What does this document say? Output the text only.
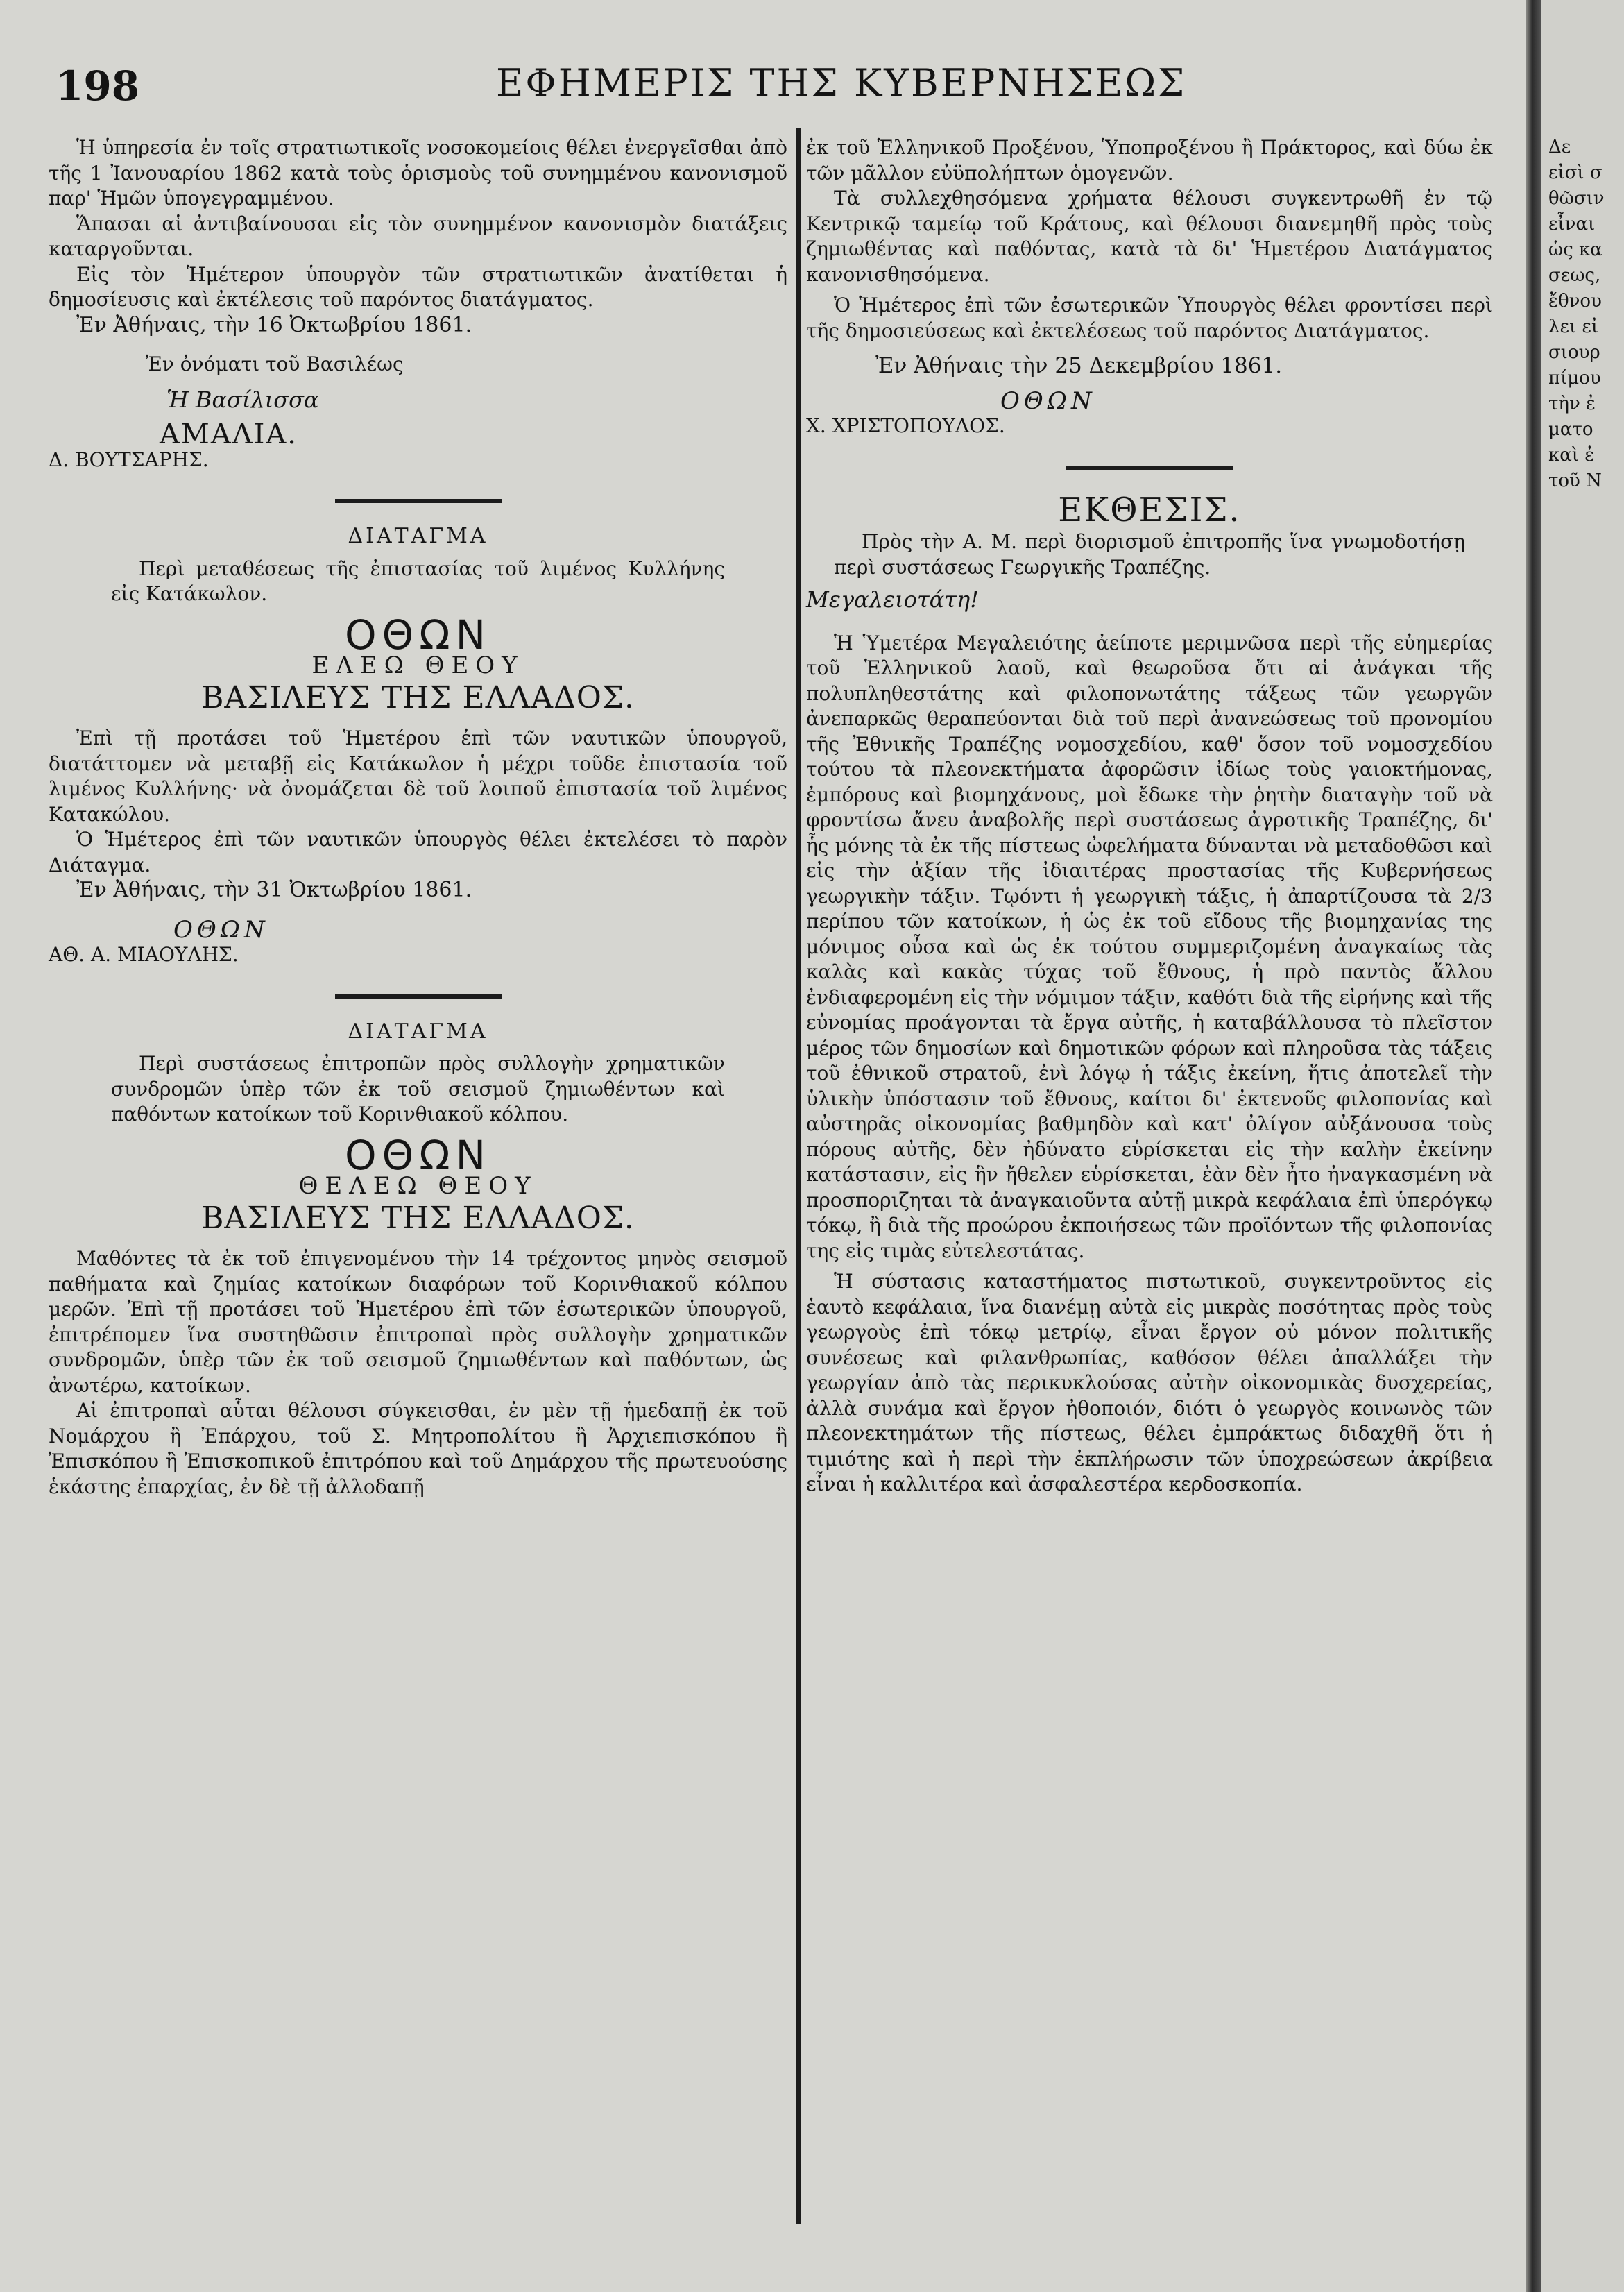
198	ΕΦΗΜΕΡΙΣ ΤΗΣ ΚΥΒΕΡΝΗΣΕΩΣ

Ἡ ὑπηρεσία ἐν τοῖς στρατιωτικοῖς νοσοκομείοις θέλει ἐνεργεῖσθαι ἀπὸ τῆς 1 Ἰανουαρίου 1862 κατὰ τοὺς ὁρισμοὺς τοῦ συνημμένου κανονισμοῦ παρ' Ἡμῶν ὑπογεγραμμένου.

Ἅπασαι αἱ ἀντιβαίνουσαι εἰς τὸν συνημμένον κανονισμὸν διατάξεις καταργοῦνται.

Εἰς τὸν Ἡμέτερον ὑπουργὸν τῶν στρατιωτικῶν ἀνατίθεται ἡ δημοσίευσις καὶ ἐκτέλεσις τοῦ παρόντος διατάγματος.

Ἐν Ἀθήναις, τὴν 16 Ὀκτωβρίου 1861.

Ἐν ὀνόματι τοῦ Βασιλέως

Ἡ Βασίλισσα

ΑΜΑΛΙΑ.

Δ. ΒΟΥΤΣΑΡΗΣ.

ΔΙΑΤΑΓΜΑ

Περὶ μεταθέσεως τῆς ἐπιστασίας τοῦ λιμένος Κυλλήνης εἰς Κατάκωλον.

ΟΘΩΝ
ΕΛΕΩ ΘΕΟΥ
ΒΑΣΙΛΕΥΣ ΤΗΣ ΕΛΛΑΔΟΣ.

Ἐπὶ τῇ προτάσει τοῦ Ἡμετέρου ἐπὶ τῶν ναυτικῶν ὑπουργοῦ, διατάττομεν νὰ μεταβῇ εἰς Κατάκωλον ἡ μέχρι τοῦδε ἐπιστασία τοῦ λιμένος Κυλλήνης· νὰ ὀνομάζεται δὲ τοῦ λοιποῦ ἐπιστασία τοῦ λιμένος Κατακώλου.

Ὁ Ἡμέτερος ἐπὶ τῶν ναυτικῶν ὑπουργὸς θέλει ἐκτελέσει τὸ παρὸν Διάταγμα.

Ἐν Ἀθήναις, τὴν 31 Ὀκτωβρίου 1861.

ΟΘΩΝ

ΑΘ. Α. ΜΙΑΟΥΛΗΣ.

ΔΙΑΤΑΓΜΑ

Περὶ συστάσεως ἐπιτροπῶν πρὸς συλλογὴν χρηματικῶν συνδρομῶν ὑπὲρ τῶν ἐκ τοῦ σεισμοῦ ζημιωθέντων καὶ παθόντων κατοίκων τοῦ Κορινθιακοῦ κόλπου.

ΟΘΩΝ
ΘΕΛΕΩ ΘΕΟΥ
ΒΑΣΙΛΕΥΣ ΤΗΣ ΕΛΛΑΔΟΣ.

Μαθόντες τὰ ἐκ τοῦ ἐπιγενομένου τὴν 14 τρέχοντος μηνὸς σεισμοῦ παθήματα καὶ ζημίας κατοίκων διαφόρων τοῦ Κορινθιακοῦ κόλπου μερῶν. Ἐπὶ τῇ προτάσει τοῦ Ἡμετέρου ἐπὶ τῶν ἐσωτερικῶν ὑπουργοῦ, ἐπιτρέπομεν ἵνα συστηθῶσιν ἐπιτροπαὶ πρὸς συλλογὴν χρηματικῶν συνδρομῶν, ὑπὲρ τῶν ἐκ τοῦ σεισμοῦ ζημιωθέντων καὶ παθόντων, ὡς ἀνωτέρω, κατοίκων.

Αἱ ἐπιτροπαὶ αὗται θέλουσι σύγκεισθαι, ἐν μὲν τῇ ἡμεδαπῇ ἐκ τοῦ Νομάρχου ἢ Ἐπάρχου, τοῦ Σ. Μητροπολίτου ἢ Ἀρχιεπισκόπου ἢ Ἐπισκόπου ἢ Ἐπισκοπικοῦ ἐπιτρόπου καὶ τοῦ Δημάρχου τῆς πρωτευούσης ἑκάστης ἐπαρχίας, ἐν δὲ τῇ ἀλλοδαπῇ

ἐκ τοῦ Ἑλληνικοῦ Προξένου, Ὑποπροξένου ἢ Πράκτορος, καὶ δύω ἐκ τῶν μᾶλλον εὐϋπολήπτων ὁμογενῶν.

Τὰ συλλεχθησόμενα χρήματα θέλουσι συγκεντρωθῆ ἐν τῷ Κεντρικῷ ταμείῳ τοῦ Κράτους, καὶ θέλουσι διανεμηθῆ πρὸς τοὺς ζημιωθέντας καὶ παθόντας, κατὰ τὰ δι' Ἡμετέρου Διατάγματος κανονισθησόμενα.

Ὁ Ἡμέτερος ἐπὶ τῶν ἐσωτερικῶν Ὑπουργὸς θέλει φροντίσει περὶ τῆς δημοσιεύσεως καὶ ἐκτελέσεως τοῦ παρόντος Διατάγματος.

Ἐν Ἀθήναις τὴν 25 Δεκεμβρίου 1861.

ΟΘΩΝ

Χ. ΧΡΙΣΤΟΠΟΥΛΟΣ.

ΕΚΘΕΣΙΣ.

Πρὸς τὴν Α. Μ. περὶ διορισμοῦ ἐπιτροπῆς ἵνα γνωμοδοτήσῃ περὶ συστάσεως Γεωργικῆς Τραπέζης.

Μεγαλειοτάτη!

Ἡ Ὑμετέρα Μεγαλειότης ἀείποτε μεριμνῶσα περὶ τῆς εὐημερίας τοῦ Ἑλληνικοῦ λαοῦ, καὶ θεωροῦσα ὅτι αἱ ἀνάγκαι τῆς πολυπληθεστάτης καὶ φιλοπονωτάτης τάξεως τῶν γεωργῶν ἀνεπαρκῶς θεραπεύονται διὰ τοῦ περὶ ἀνανεώσεως τοῦ προνομίου τῆς Ἐθνικῆς Τραπέζης νομοσχεδίου, καθ' ὅσον τοῦ νομοσχεδίου τούτου τὰ πλεονεκτήματα ἀφορῶσιν ἰδίως τοὺς γαιοκτήμονας, ἐμπόρους καὶ βιομηχάνους, μοὶ ἔδωκε τὴν ῥητὴν διαταγὴν τοῦ νὰ φροντίσω ἄνευ ἀναβολῆς περὶ συστάσεως ἀγροτικῆς Τραπέζης, δι' ἧς μόνης τὰ ἐκ τῆς πίστεως ὠφελήματα δύνανται νὰ μεταδοθῶσι καὶ εἰς τὴν ἀξίαν τῆς ἰδιαιτέρας προστασίας τῆς Κυβερνήσεως γεωργικὴν τάξιν. Τῳόντι ἡ γεωργικὴ τάξις, ἡ ἀπαρτίζουσα τὰ 2/3 περίπου τῶν κατοίκων, ἡ ὡς ἐκ τοῦ εἴδους τῆς βιομηχανίας της μόνιμος οὖσα καὶ ὡς ἐκ τούτου συμμεριζομένη ἀναγκαίως τὰς καλὰς καὶ κακὰς τύχας τοῦ ἔθνους, ἡ πρὸ παντὸς ἄλλου ἐνδιαφερομένη εἰς τὴν νόμιμον τάξιν, καθότι διὰ τῆς εἰρήνης καὶ τῆς εὐνομίας προάγονται τὰ ἔργα αὐτῆς, ἡ καταβάλλουσα τὸ πλεῖστον μέρος τῶν δημοσίων καὶ δημοτικῶν φόρων καὶ πληροῦσα τὰς τάξεις τοῦ ἐθνικοῦ στρατοῦ, ἐνὶ λόγῳ ἡ τάξις ἐκείνη, ἥτις ἀποτελεῖ τὴν ὑλικὴν ὑπόστασιν τοῦ ἔθνους, καίτοι δι' ἐκτενοῦς φιλοπονίας καὶ αὐστηρᾶς οἰκονομίας βαθμηδὸν καὶ κατ' ὀλίγον αὐξάνουσα τοὺς πόρους αὐτῆς, δὲν ἠδύνατο εὑρίσκεται εἰς τὴν καλὴν ἐκείνην κατάστασιν, εἰς ἣν ἤθελεν εὑρίσκεται, ἐὰν δὲν ἦτο ἠναγκασμένη νὰ προσποριζηται τὰ ἀναγκαιοῦντα αὐτῇ μικρὰ κεφάλαια ἐπὶ ὑπερόγκῳ τόκῳ, ἢ διὰ τῆς προώρου ἐκποιήσεως τῶν προϊόντων τῆς φιλοπονίας της εἰς τιμὰς εὐτελεστάτας.

Ἡ σύστασις καταστήματος πιστωτικοῦ, συγκεντροῦντος εἰς ἑαυτὸ κεφάλαια, ἵνα διανέμῃ αὐτὰ εἰς μικρὰς ποσότητας πρὸς τοὺς γεωργοὺς ἐπὶ τόκῳ μετρίῳ, εἶναι ἔργον οὐ μόνον πολιτικῆς συνέσεως καὶ φιλανθρωπίας, καθόσον θέλει ἀπαλλάξει τὴν γεωργίαν ἀπὸ τὰς περικυκλούσας αὐτὴν οἰκονομικὰς δυσχερείας, ἀλλὰ συνάμα καὶ ἔργον ἠθοποιόν, διότι ὁ γεωργὸς κοινωνὸς τῶν πλεονεκτημάτων τῆς πίστεως, θέλει ἐμπράκτως διδαχθῆ ὅτι ἡ τιμιότης καὶ ἡ περὶ τὴν ἐκπλήρωσιν τῶν ὑποχρεώσεων ἀκρίβεια εἶναι ἡ καλλιτέρα καὶ ἀσφαλεστέρα κερδοσκοπία.

Δε
εἰσὶ σ
θῶσιν
εἶναι
ὡς κα
σεως,
ἔθνου
λει εἰ
σιουρ
πίμου
τὴν ἐ
ματο
καὶ ἐ
τοῦ Ν
